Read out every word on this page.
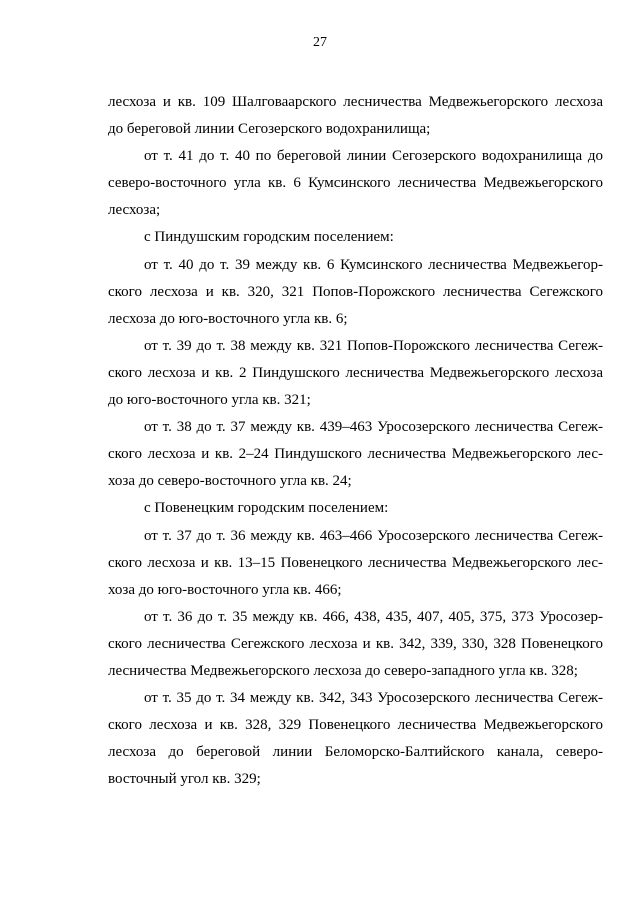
27

лесхоза и кв. 109 Шалговаарского лесничества Медвежьегорского лесхоза
до береговой линии Сегозерского водохранилища;

от т. 41 до т. 40 по береговой линии Сегозерского водохранилища до
северо-восточного угла кв. 6 Кумсинского лесничества Медвежьегорского
лесхоза;

с Пиндушским городским поселением:

от т. 40 до т. 39 между кв. 6 Кумсинского лесничества Медвежьегор-
ского лесхоза и кв. 320, 321 Попов-Порожского лесничества Сегежского
лесхоза до юго-восточного угла кв. 6;

от т. 39 до т. 38 между кв. 321 Попов-Порожского лесничества Сегеж-
ского лесхоза и кв. 2 Пиндушского лесничества Медвежьегорского лесхоза
до юго-восточного угла кв. 321;

от т. 38 до т. 37 между кв. 439–463 Уросозерского лесничества Сегеж-
ского лесхоза и кв. 2–24 Пиндушского лесничества Медвежьегорского лес-
хоза до северо-восточного угла кв. 24;

с Повенецким городским поселением:

от т. 37 до т. 36 между кв. 463–466 Уросозерского лесничества Сегеж-
ского лесхоза и кв. 13–15 Повенецкого лесничества Медвежьегорского лес-
хоза до юго-восточного угла кв. 466;

от т. 36 до т. 35 между кв. 466, 438, 435, 407, 405, 375, 373 Уросозер-
ского лесничества Сегежского лесхоза и кв. 342, 339, 330, 328 Повенецкого
лесничества Медвежьегорского лесхоза до северо-западного угла кв. 328;

от т. 35 до т. 34 между кв. 342, 343 Уросозерского лесничества Сегеж-
ского лесхоза и кв. 328, 329 Повенецкого лесничества Медвежьегорского
лесхоза до береговой линии Беломорско-Балтийского канала, северо-
восточный угол кв. 329;
